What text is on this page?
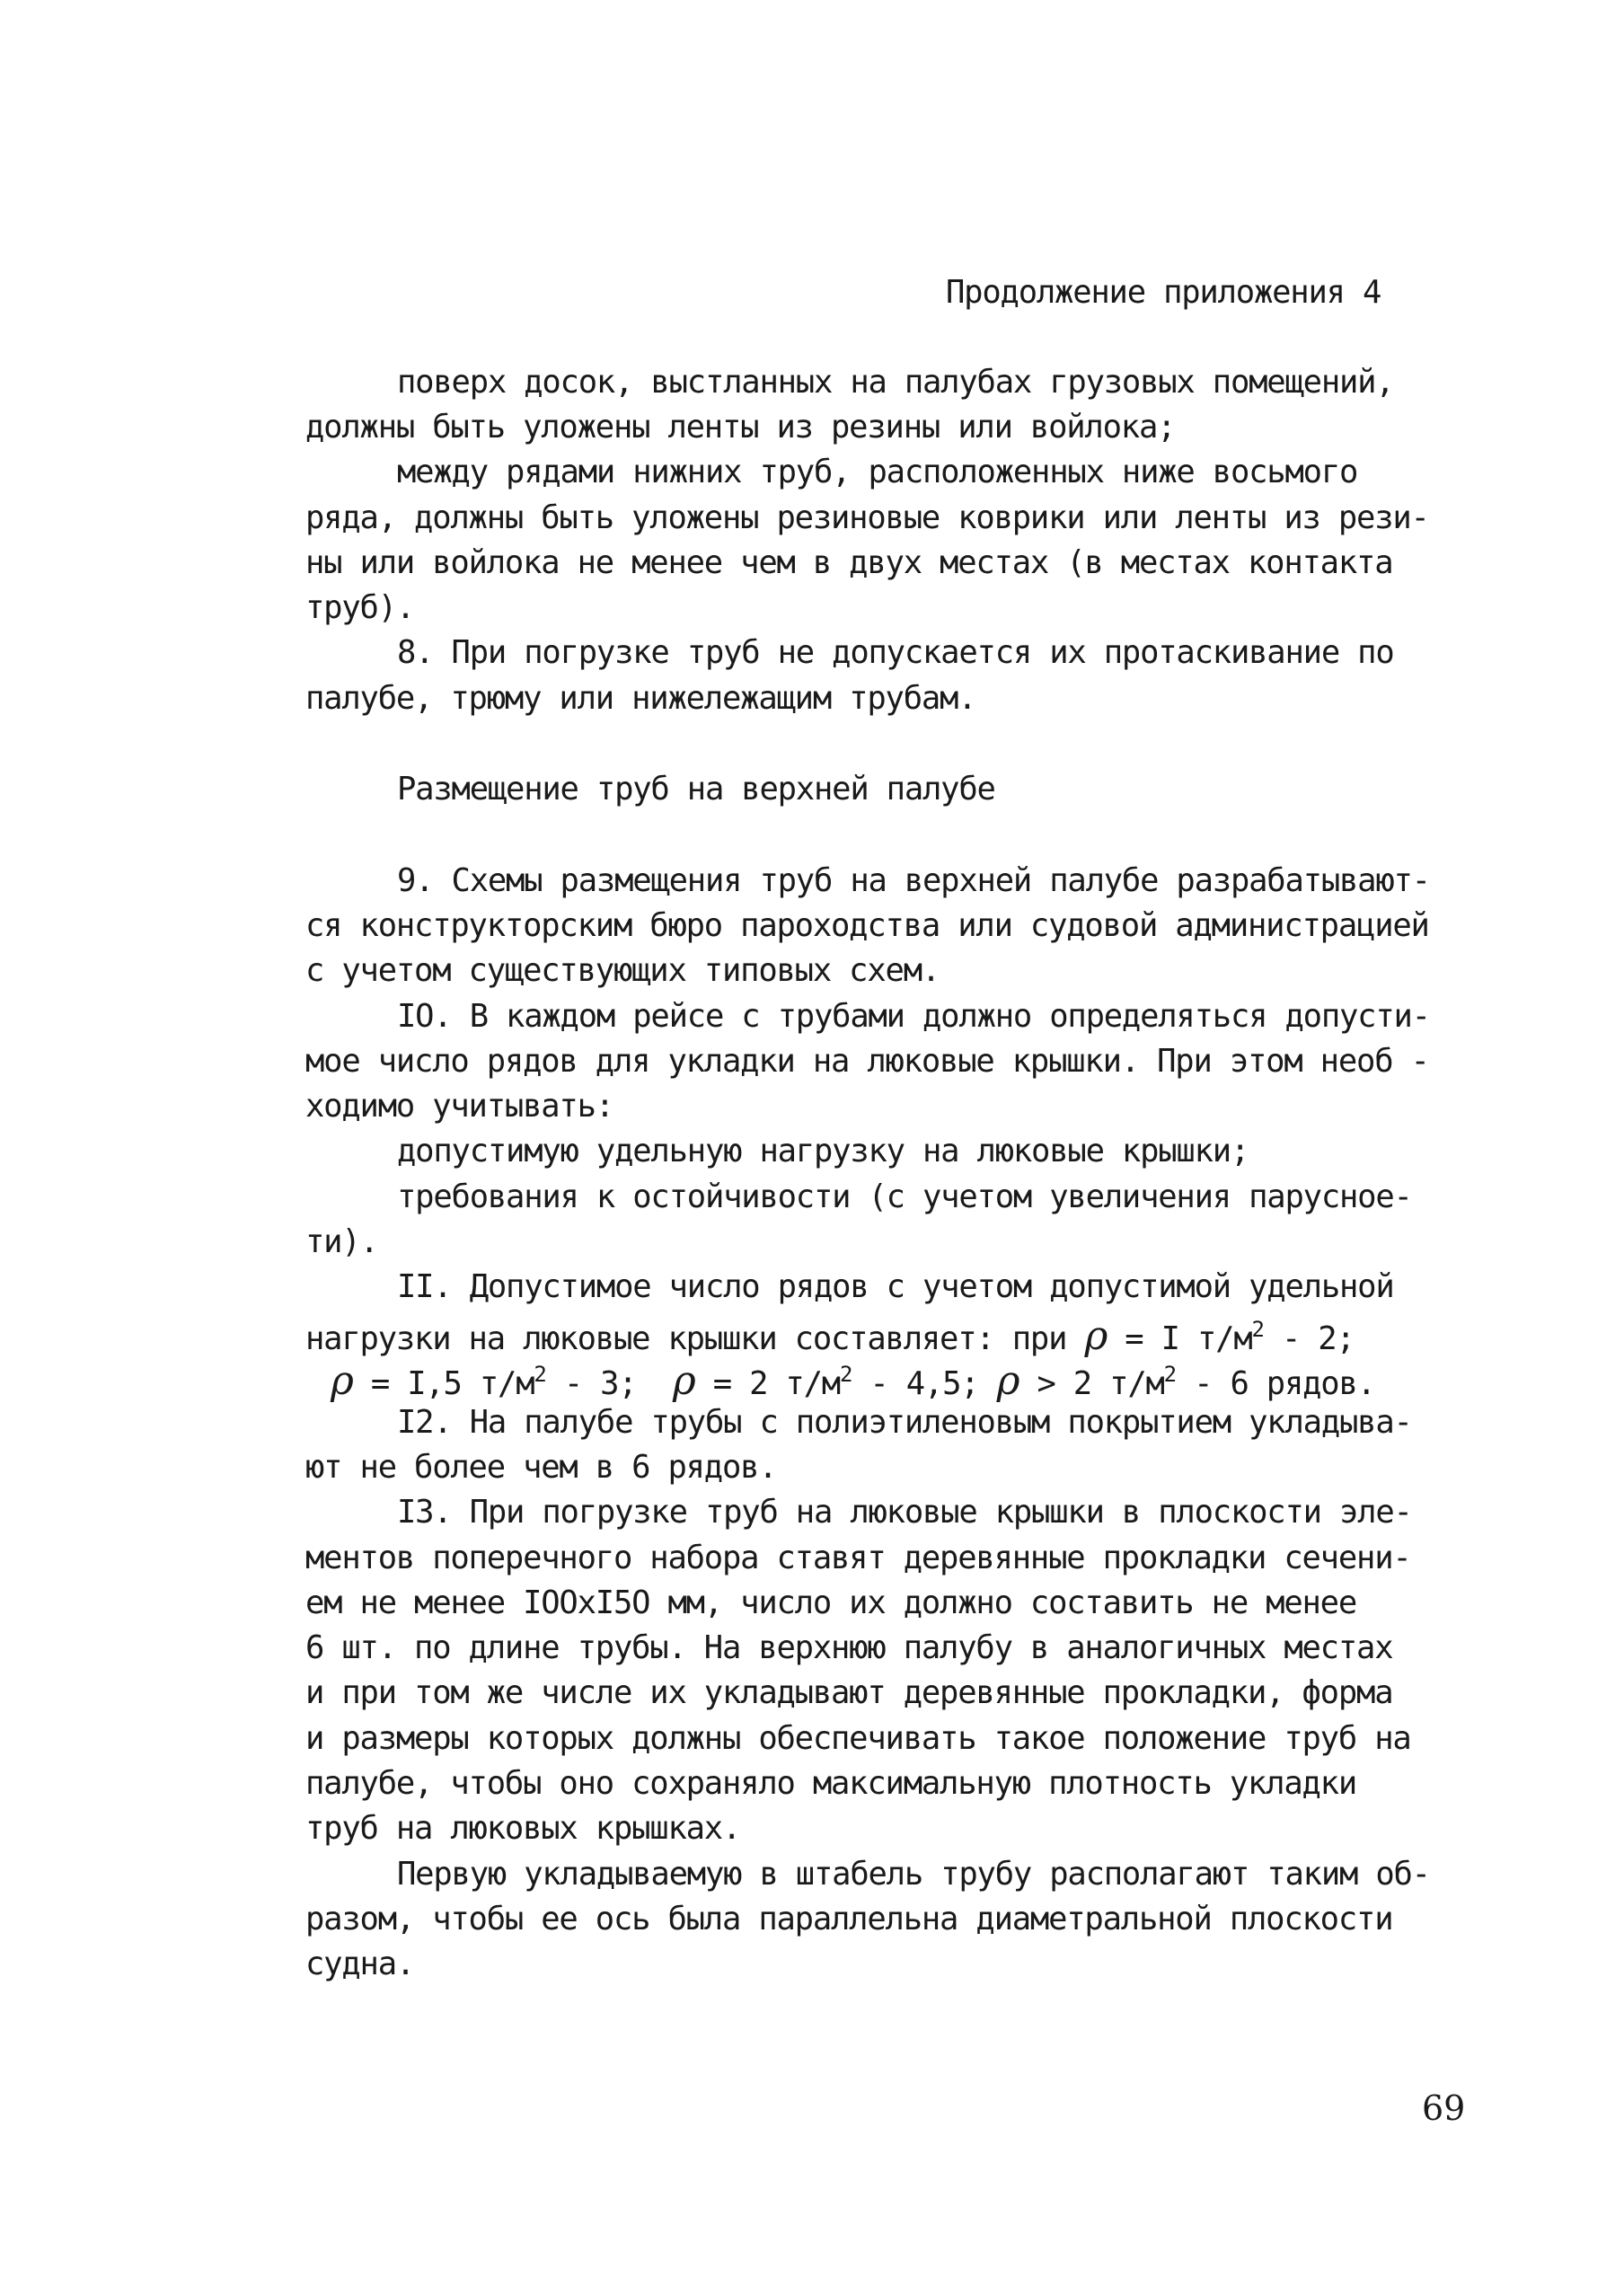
Продолжение приложения 4
поверх досок, выстланных на палубах грузовых помещений,
должны быть уложены ленты из резины или войлока;
между рядами нижних труб, расположенных ниже восьмого
ряда, должны быть уложены резиновые коврики или ленты из рези-
ны или войлока не менее чем в двух местах (в местах контакта
труб).
8. При погрузке труб не допускается их протаскивание по
палубе, трюму или нижележащим трубам.
Размещение труб на верхней палубе
9. Схемы размещения труб на верхней палубе разрабатывают-
ся конструкторским бюро пароходства или судовой администрацией
с учетом существующих типовых схем.
IO. В каждом рейсе с трубами должно определяться допусти-
мое число рядов для укладки на люковые крышки. При этом необ -
ходимо учитывать:
допустимую удельную нагрузку на люковые крышки;
требования к остойчивости (с учетом увеличения парусное-
ти).
II. Допустимое число рядов с учетом допустимой удельной
нагрузки на люковые крышки составляет: при ρ = I $т/м^2 - 2$;
ρ = I,5 $т/м^2 - 3$; ρ = 2 $т/м^2 - 4,5$; ρ > 2 $т/м^2 - 6$ рядов.
I2. На палубе трубы с полиэтиленовым покрытием укладыва-
ют не более чем в 6 рядов.
I3. При погрузке труб на люковые крышки в плоскости эле-
ментов поперечного набора ставят деревянные прокладки сечени-
ем не менее IOOxI5O мм, число их должно составить не менее
6 шт. по длине трубы. На верхнюю палубу в аналогичных местах
и при том же числе их укладывают деревянные прокладки, форма
и размеры которых должны обеспечивать такое положение труб на
палубе, чтобы оно сохраняло максимальную плотность укладки
труб на люковых крышках.
Первую укладываемую в штабель трубу располагают таким об-
разом, чтобы ее ось была параллельна диаметральной плоскости
судна.
69
